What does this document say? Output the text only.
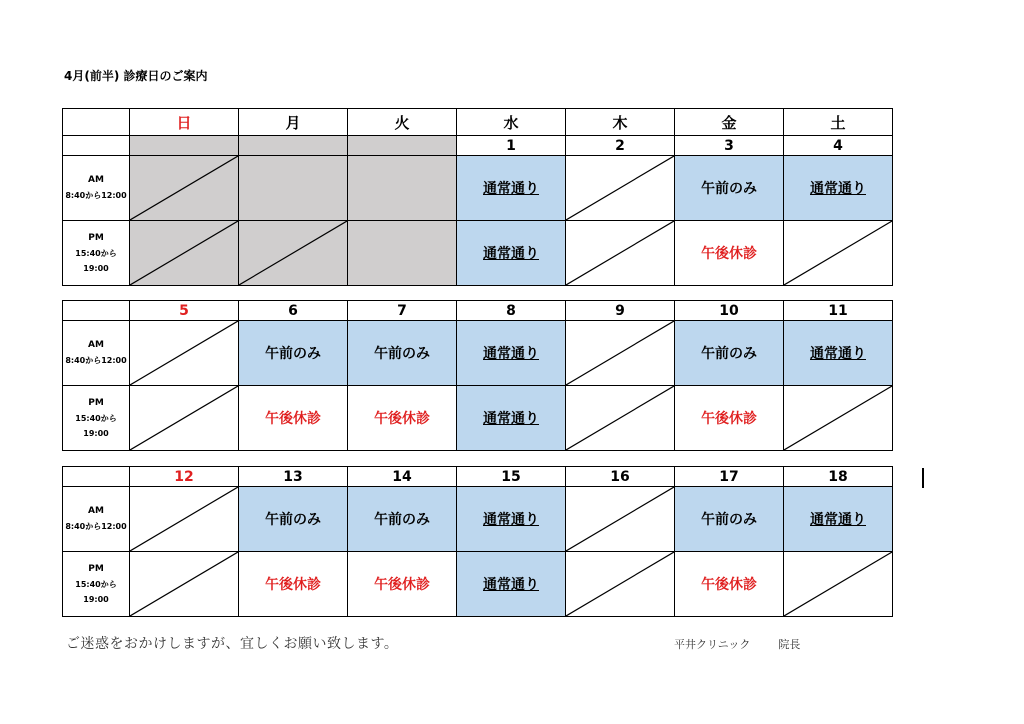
4月(前半) 診療日のご案内
	日	月	火	水	木	金	土
				1	2	3	4

AM
8:40から12:00				通常通り		午前のみ	通常通り

PM
15:40から19:00				通常通り		午後休診	
	5	6	7	8	9	10	11

AM
8:40から12:00		午前のみ	午前のみ	通常通り		午前のみ	通常通り

PM
15:40から19:00		午後休診	午後休診	通常通り		午後休診	
	12	13	14	15	16	17	18

AM
8:40から12:00		午前のみ	午前のみ	通常通り		午前のみ	通常通り

PM
15:40から19:00		午後休診	午後休診	通常通り		午後休診	
ご迷惑をおかけしますが、宜しくお願い致します。	平井クリニック	院長
